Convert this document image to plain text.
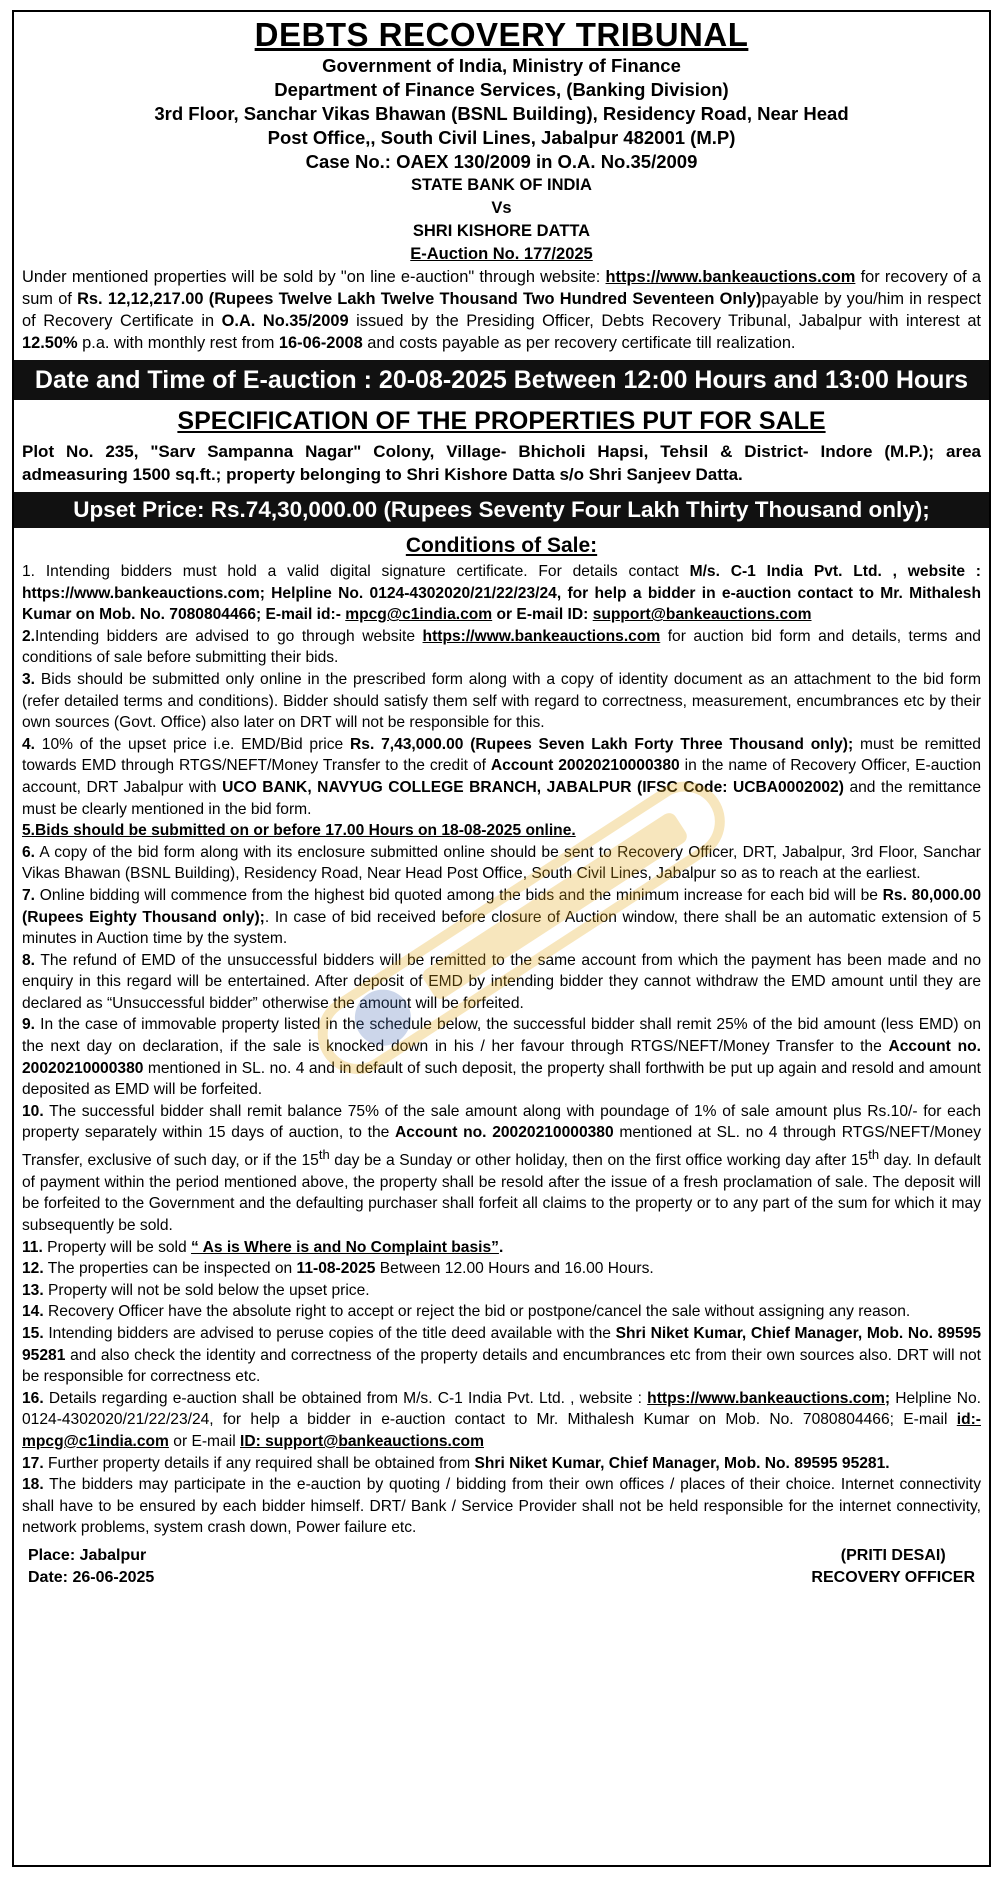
DEBTS RECOVERY TRIBUNAL

Government of India, Ministry of Finance

Department of Finance Services, (Banking Division)

3rd Floor, Sanchar Vikas Bhawan (BSNL Building), Residency Road, Near Head

Post Office,, South Civil Lines, Jabalpur 482001 (M.P)

Case No.: OAEX 130/2009 in O.A. No.35/2009

STATE BANK OF INDIA

Vs

SHRI KISHORE DATTA

E-Auction No. 177/2025

Under mentioned properties will be sold by "on line e-auction" through website: https://www.bankeauctions.com for recovery of a sum of Rs. 12,12,217.00 (Rupees Twelve Lakh Twelve Thousand Two Hundred Seventeen Only)payable by you/him in respect of Recovery Certificate in O.A. No.35/2009 issued by the Presiding Officer, Debts Recovery Tribunal, Jabalpur with interest at 12.50% p.a. with monthly rest from 16-06-2008 and costs payable as per recovery certificate till realization.

Date and Time of E-auction : 20-08-2025 Between 12:00 Hours and 13:00 Hours

SPECIFICATION OF THE PROPERTIES PUT FOR SALE

Plot No. 235, "Sarv Sampanna Nagar" Colony, Village- Bhicholi Hapsi, Tehsil & District- Indore (M.P.); area admeasuring 1500 sq.ft.; property belonging to Shri Kishore Datta s/o Shri Sanjeev Datta.

Upset Price: Rs.74,30,000.00 (Rupees Seventy Four Lakh Thirty Thousand only);

Conditions of Sale:

1. Intending bidders must hold a valid digital signature certificate. For details contact M/s. C-1 India Pvt. Ltd. , website : https://www.bankeauctions.com; Helpline No. 0124-4302020/21/22/23/24, for help a bidder in e-auction contact to Mr. Mithalesh Kumar on Mob. No. 7080804466; E-mail id:- mpcg@c1india.com or E-mail ID: support@bankeauctions.com

2.Intending bidders are advised to go through website https://www.bankeauctions.com for auction bid form and details, terms and conditions of sale before submitting their bids.

3. Bids should be submitted only online in the prescribed form along with a copy of identity document as an attachment to the bid form (refer detailed terms and conditions). Bidder should satisfy them self with regard to correctness, measurement, encumbrances etc by their own sources (Govt. Office) also later on DRT will not be responsible for this.

4. 10% of the upset price i.e. EMD/Bid price Rs. 7,43,000.00 (Rupees Seven Lakh Forty Three Thousand only); must be remitted towards EMD through RTGS/NEFT/Money Transfer to the credit of Account 20020210000380 in the name of Recovery Officer, E-auction account, DRT Jabalpur with UCO BANK, NAVYUG COLLEGE BRANCH, JABALPUR (IFSC Code: UCBA0002002) and the remittance must be clearly mentioned in the bid form.

5.Bids should be submitted on or before 17.00 Hours on 18-08-2025 online.

6. A copy of the bid form along with its enclosure submitted online should be sent to Recovery Officer, DRT, Jabalpur, 3rd Floor, Sanchar Vikas Bhawan (BSNL Building), Residency Road, Near Head Post Office, South Civil Lines, Jabalpur so as to reach at the earliest.

7. Online bidding will commence from the highest bid quoted among the bids and the minimum increase for each bid will be Rs. 80,000.00 (Rupees Eighty Thousand only);. In case of bid received before closure of Auction window, there shall be an automatic extension of 5 minutes in Auction time by the system.

8. The refund of EMD of the unsuccessful bidders will be remitted to the same account from which the payment has been made and no enquiry in this regard will be entertained. After deposit of EMD by intending bidder they cannot withdraw the EMD amount until they are declared as “Unsuccessful bidder” otherwise the amount will be forfeited.

9. In the case of immovable property listed in the schedule below, the successful bidder shall remit 25% of the bid amount (less EMD) on the next day on declaration, if the sale is knocked down in his / her favour through RTGS/NEFT/Money Transfer to the Account no. 20020210000380 mentioned in SL. no. 4 and in default of such deposit, the property shall forthwith be put up again and resold and amount deposited as EMD will be forfeited.

10. The successful bidder shall remit balance 75% of the sale amount along with poundage of 1% of sale amount plus Rs.10/- for each property separately within 15 days of auction, to the Account no. 20020210000380 mentioned at SL. no 4 through RTGS/NEFT/Money Transfer, exclusive of such day, or if the 15th day be a Sunday or other holiday, then on the first office working day after 15th day. In default of payment within the period mentioned above, the property shall be resold after the issue of a fresh proclamation of sale. The deposit will be forfeited to the Government and the defaulting purchaser shall forfeit all claims to the property or to any part of the sum for which it may subsequently be sold.

11. Property will be sold “ As is Where is and No Complaint basis”.

12. The properties can be inspected on 11-08-2025 Between 12.00 Hours and 16.00 Hours.

13. Property will not be sold below the upset price.

14. Recovery Officer have the absolute right to accept or reject the bid or postpone/cancel the sale without assigning any reason.

15. Intending bidders are advised to peruse copies of the title deed available with the Shri Niket Kumar, Chief Manager, Mob. No. 89595 95281 and also check the identity and correctness of the property details and encumbrances etc from their own sources also. DRT will not be responsible for correctness etc.

16. Details regarding e-auction shall be obtained from M/s. C-1 India Pvt. Ltd. , website : https://www.bankeauctions.com; Helpline No. 0124-4302020/21/22/23/24, for help a bidder in e-auction contact to Mr. Mithalesh Kumar on Mob. No. 7080804466; E-mail id:- mpcg@c1india.com or E-mail ID: support@bankeauctions.com

17. Further property details if any required shall be obtained from Shri Niket Kumar, Chief Manager, Mob. No. 89595 95281.

18. The bidders may participate in the e-auction by quoting / bidding from their own offices / places of their choice. Internet connectivity shall have to be ensured by each bidder himself. DRT/ Bank / Service Provider shall not be held responsible for the internet connectivity, network problems, system crash down, Power failure etc.

Place: Jabalpur
Date: 26-06-2025
(PRITI DESAI)
RECOVERY OFFICER
